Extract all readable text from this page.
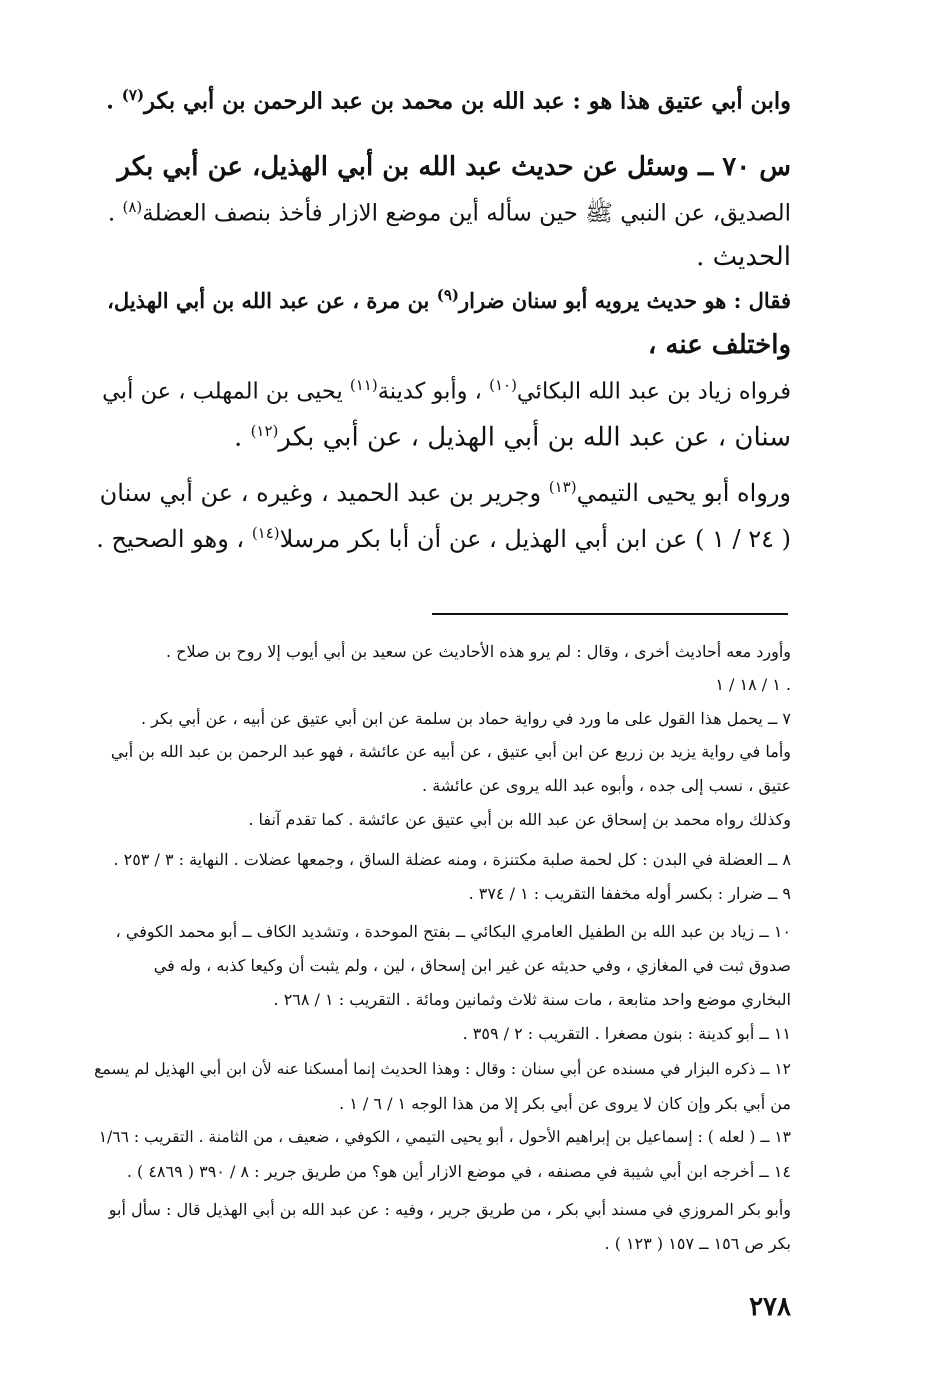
وابن أبي عتيق هذا هو : عبد الله بن محمد بن عبد الرحمن بن أبي بكر$^{(٧)}$ .
س ٧٠ ــ وسئل عن حديث عبد الله بن أبي الهذيل، عن أبي بكر
الصديق، عن النبي ﷺ حين سأله أين موضع الازار فأخذ بنصف العضلة$^{(٨)}$ .
الحديث .
فقال : هو حديث يرويه أبو سنان ضرار$^{(٩)}$ بن مرة ، عن عبد الله بن أبي الهذيل،
واختلف عنه ،
فرواه زياد بن عبد الله البكائي$^{(١٠)}$ ، وأبو كدينة$^{(١١)}$ يحيى بن المهلب ، عن أبي
سنان ، عن عبد الله بن أبي الهذيل ، عن أبي بكر$^{(١٢)}$ .
ورواه أبو يحيى التيمي$^{(١٣)}$ وجرير بن عبد الحميد ، وغيره ، عن أبي سنان
( ٢٤ / ١ ) عن ابن أبي الهذيل ، عن أن أبا بكر مرسلا$^{(١٤)}$ ، وهو الصحيح .
وأورد معه أحاديث أخرى ، وقال : لم يرو هذه الأحاديث عن سعيد بن أبي أيوب إلا روح بن صلاح .
١ / ١٨ / ١ .
٧ ــ يحمل هذا القول على ما ورد في رواية حماد بن سلمة عن ابن أبي عتيق عن أبيه ، عن أبي بكر .
وأما في رواية يزيد بن زريع عن ابن أبي عتيق ، عن أبيه عن عائشة ، فهو عبد الرحمن بن عبد الله بن أبي
عتيق ، نسب إلى جده ، وأبوه عبد الله يروى عن عائشة .
وكذلك رواه محمد بن إسحاق عن عبد الله بن أبي عتيق عن عائشة . كما تقدم آنفا .
٨ ــ العضلة في البدن : كل لحمة صلبة مكتنزة ، ومنه عضلة الساق ، وجمعها عضلات . النهاية : ٣ / ٢٥٣ .
٩ ــ ضرار : بكسر أوله مخففا التقريب : ١ / ٣٧٤ .
١٠ ــ زياد بن عبد الله بن الطفيل العامري البكائي ــ بفتح الموحدة ، وتشديد الكاف ــ أبو محمد الكوفي ،
صدوق ثبت في المغازي ، وفي حديثه عن غير ابن إسحاق ، لين ، ولم يثبت أن وكيعا كذبه ، وله في
البخاري موضع واحد متابعة ، مات سنة ثلاث وثمانين ومائة . التقريب : ١ / ٢٦٨ .
١١ ــ أبو كدينة : بنون مصغرا . التقريب : ٢ / ٣٥٩ .
١٢ ــ ذكره البزار في مسنده عن أبي سنان : وقال : وهذا الحديث إنما أمسكنا عنه لأن ابن أبي الهذيل لم يسمع
من أبي بكر وإن كان لا يروى عن أبي بكر إلا من هذا الوجه ١ / ٦ / ١ .
١٣ ــ ( لعله ) : إسماعيل بن إبراهيم الأحول ، أبو يحيى التيمي ، الكوفي ، ضعيف ، من الثامنة . التقريب : ١/٦٦
١٤ ــ أخرجه ابن أبي شيبة في مصنفه ، في موضع الازار أين هو؟ من طريق جرير : ٨ / ٣٩٠ ( ٤٨٦٩ ) .
وأبو بكر المروزي في مسند أبي بكر ، من طريق جرير ، وفيه : عن عبد الله بن أبي الهذيل قال : سأل أبو
بكر ص ١٥٦ ــ ١٥٧ ( ١٢٣ ) .
٢٧٨
